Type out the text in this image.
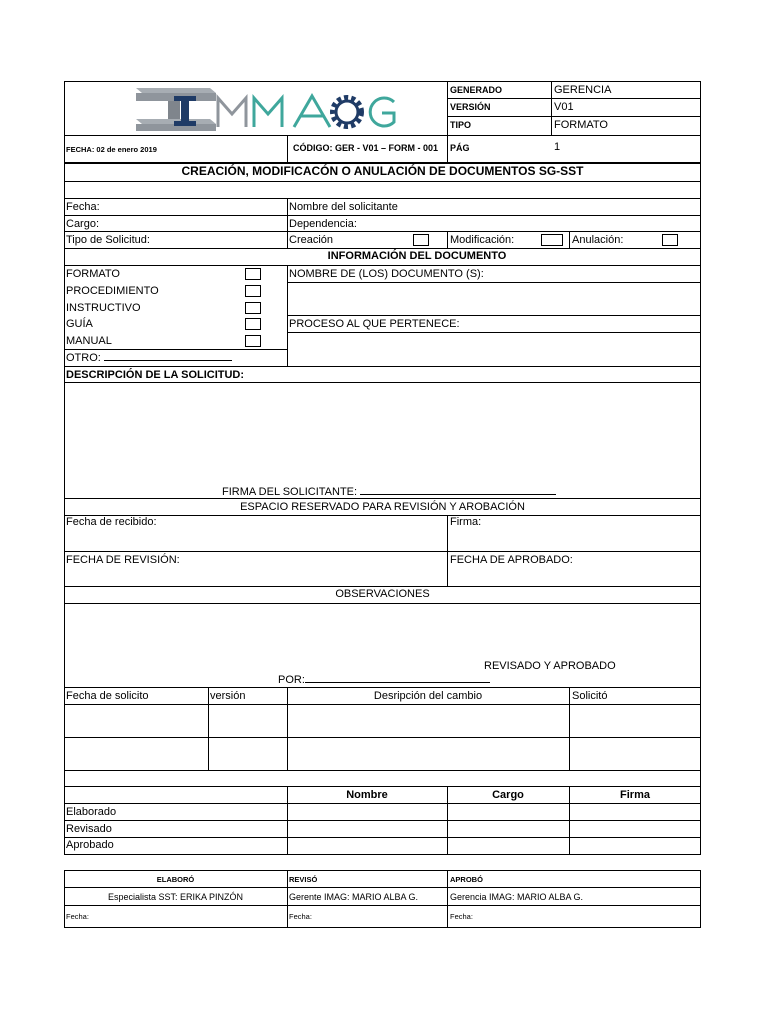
GENERADO	GERENCIA
VERSIÓN	V01
TIPO	FORMATO
FECHA: 02 de enero 2019	CÓDIGO: GER - V01 – FORM - 001 PÁG	1
CREACIÓN, MODIFICACÓN O ANULACIÓN DE DOCUMENTOS SG-SST
Fecha:	Nombre del solicitante
Cargo:	Dependencia:
Tipo de Solicitud:	Creación	Modificación:	Anulación:
INFORMACIÓN DEL DOCUMENTO
FORMATO
PROCEDIMIENTO
INSTRUCTIVO
GUÍA
MANUAL
OTRO:
NOMBRE DE (LOS) DOCUMENTO (S):
PROCESO AL QUE PERTENECE:
DESCRIPCIÓN DE LA SOLICITUD:
FIRMA DEL SOLICITANTE:
ESPACIO RESERVADO PARA REVISIÓN Y AROBACIÓN
Fecha de recibido:	Firma:
FECHA DE REVISIÓN:	FECHA DE APROBADO:
OBSERVACIONES
REVISADO Y APROBADO
POR:
Fecha de solicito	versión	Desripción del cambio	Solicitó
Nombre	Cargo	Firma
Elaborado
Revisado
Aprobado
ELABORÓ	REVISÓ	APROBÓ
Especialista SST: ERIKA PINZÓN	Gerente IMAG: MARIO ALBA G.	Gerencia IMAG: MARIO ALBA G.
Fecha:	Fecha:	Fecha:
